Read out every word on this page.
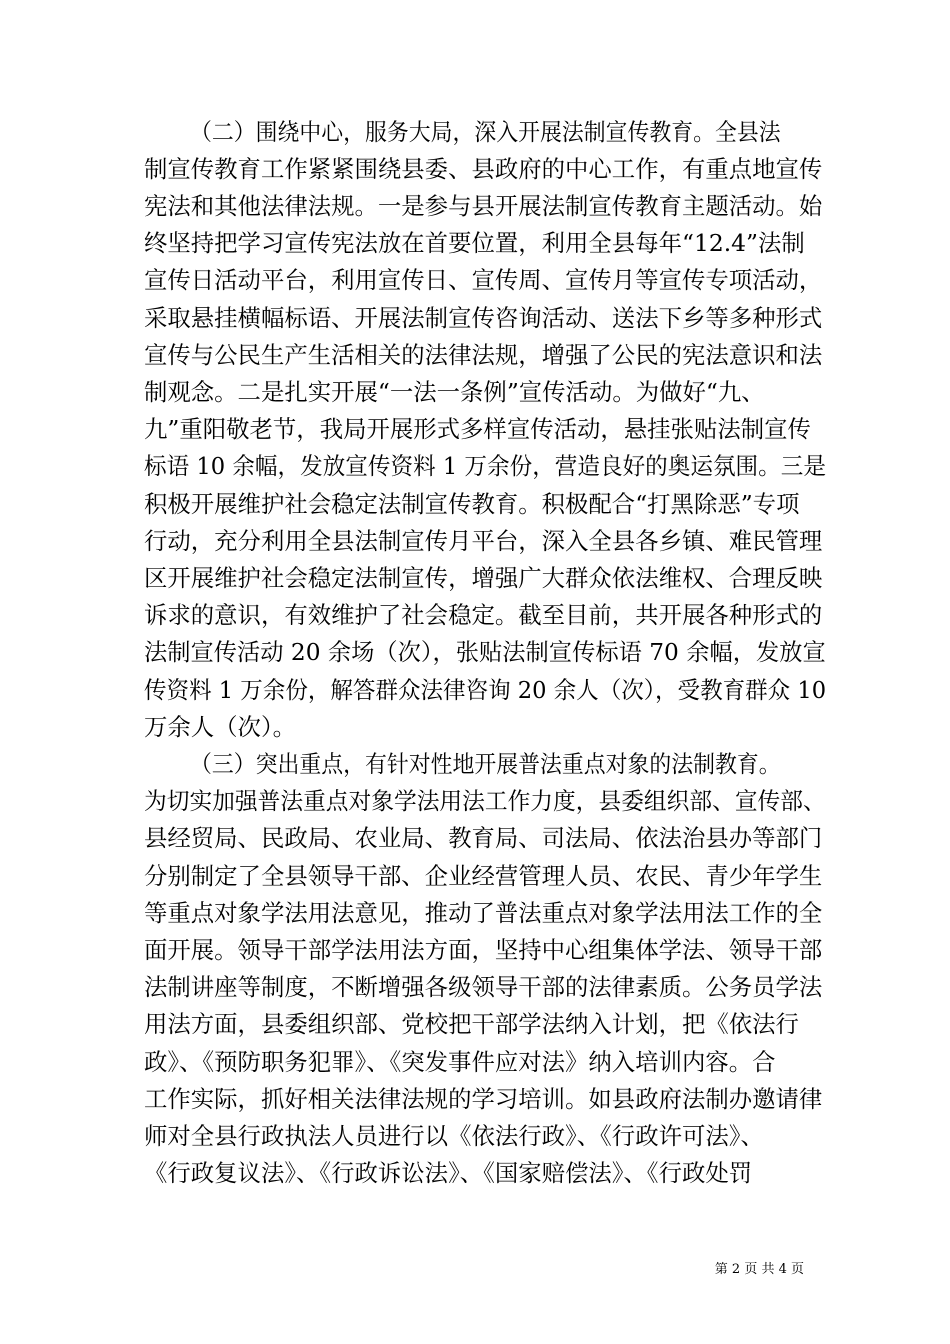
（二）围绕中心，服务大局，深入开展法制宣传教育。全县法
制宣传教育工作紧紧围绕县委、县政府的中心工作，有重点地宣传
宪法和其他法律法规。一是参与县开展法制宣传教育主题活动。始
终坚持把学习宣传宪法放在首要位置，利用全县每年“12.4”法制
宣传日活动平台，利用宣传日、宣传周、宣传月等宣传专项活动，
采取悬挂横幅标语、开展法制宣传咨询活动、送法下乡等多种形式
宣传与公民生产生活相关的法律法规，增强了公民的宪法意识和法
制观念。二是扎实开展“一法一条例”宣传活动。为做好“九、
九”重阳敬老节，我局开展形式多样宣传活动，悬挂张贴法制宣传
标语 10 余幅，发放宣传资料 1 万余份，营造良好的奥运氛围。三是
积极开展维护社会稳定法制宣传教育。积极配合“打黑除恶”专项
行动，充分利用全县法制宣传月平台，深入全县各乡镇、难民管理
区开展维护社会稳定法制宣传，增强广大群众依法维权、合理反映
诉求的意识，有效维护了社会稳定。截至目前，共开展各种形式的
法制宣传活动 20 余场（次），张贴法制宣传标语 70 余幅，发放宣
传资料 1 万余份，解答群众法律咨询 20 余人（次），受教育群众 10
万余人（次）。
（三）突出重点，有针对性地开展普法重点对象的法制教育。
为切实加强普法重点对象学法用法工作力度，县委组织部、宣传部、
县经贸局、民政局、农业局、教育局、司法局、依法治县办等部门
分别制定了全县领导干部、企业经营管理人员、农民、青少年学生
等重点对象学法用法意见，推动了普法重点对象学法用法工作的全
面开展。领导干部学法用法方面，坚持中心组集体学法、领导干部
法制讲座等制度，不断增强各级领导干部的法律素质。公务员学法
用法方面，县委组织部、党校把干部学法纳入计划，把《依法行
政》、《预防职务犯罪》、《突发事件应对法》纳入培训内容。合
工作实际，抓好相关法律法规的学习培训。如县政府法制办邀请律
师对全县行政执法人员进行以《依法行政》、《行政许可法》、
《行政复议法》、《行政诉讼法》、《国家赔偿法》、《行政处罚
第 2 页 共 4 页
